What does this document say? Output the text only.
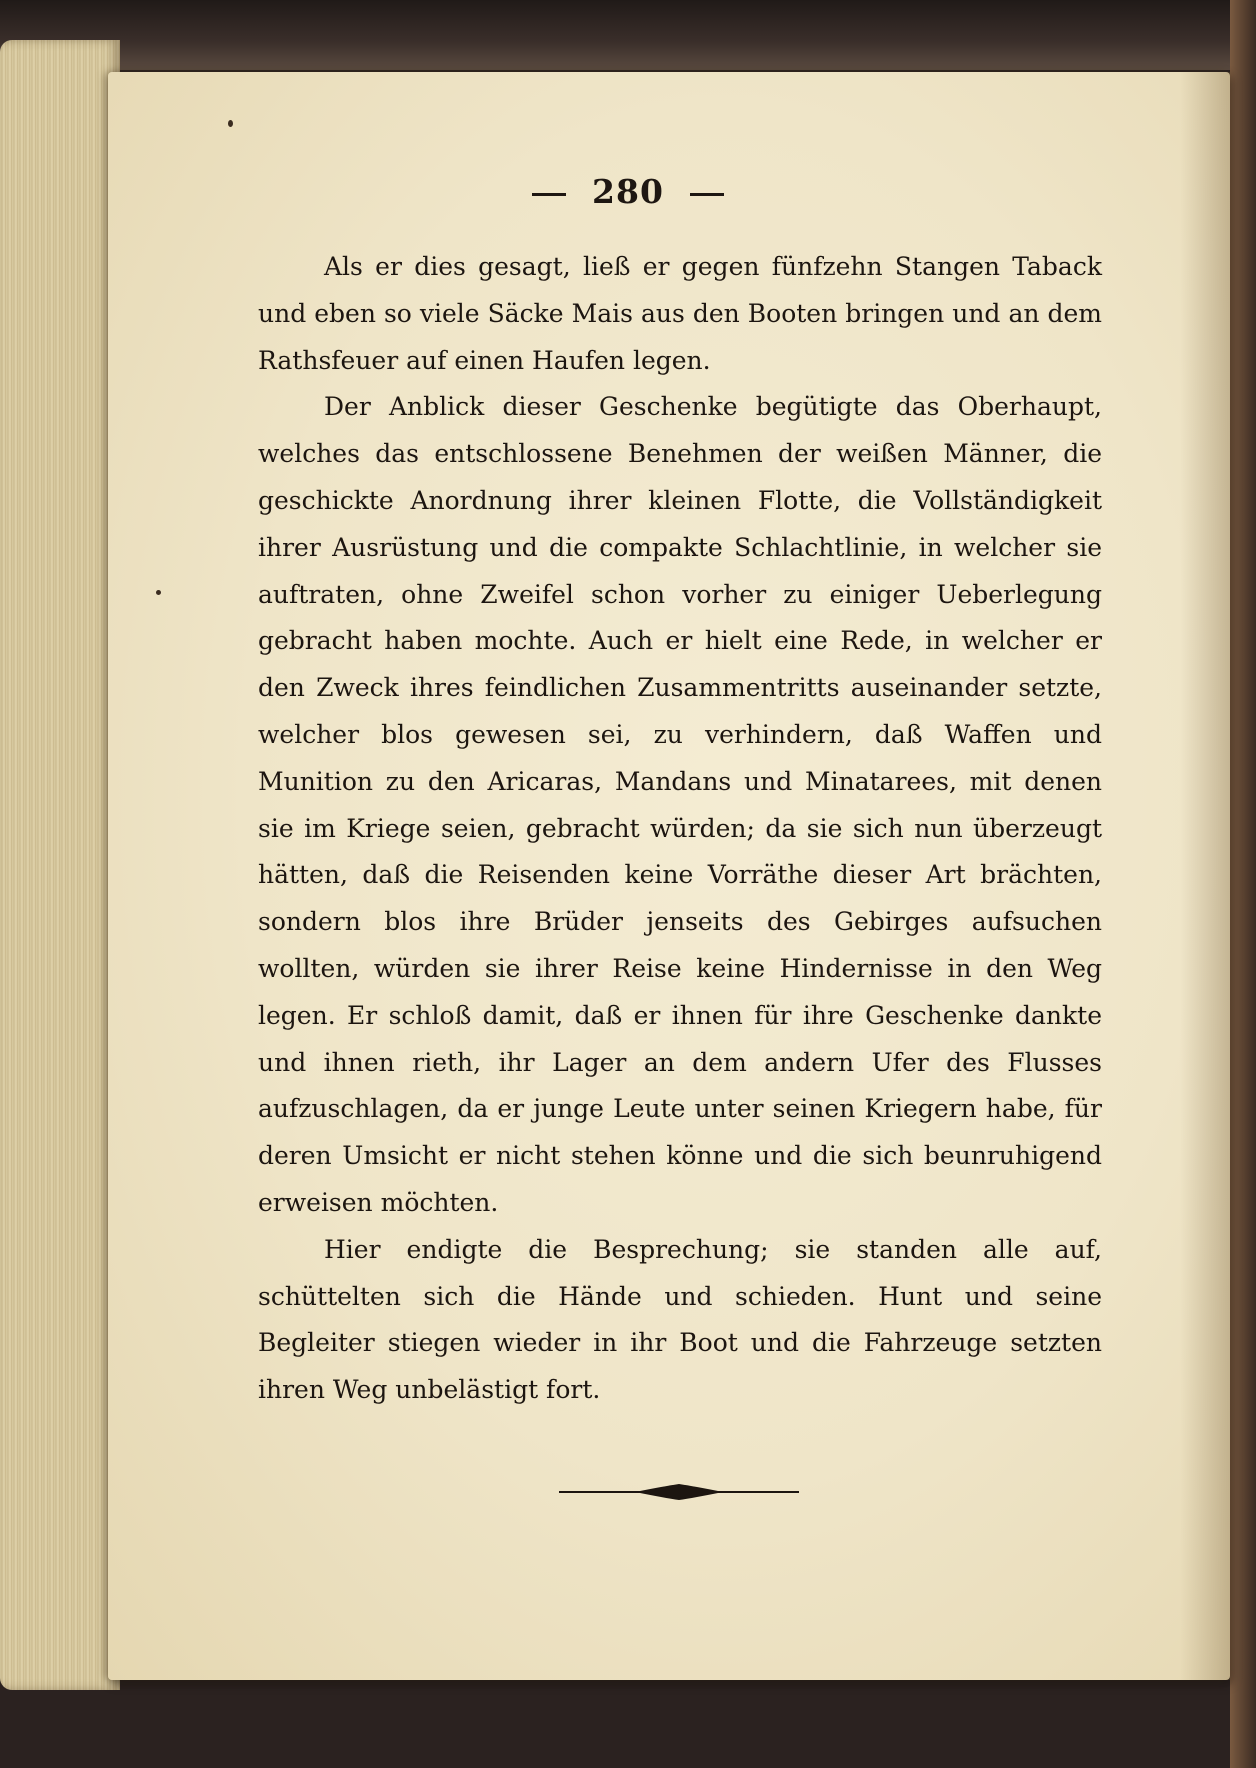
280

Als er dies gesagt, ließ er gegen fünfzehn Stangen Taback und eben so viele Säcke Mais aus den Booten bringen und an dem Rathsfeuer auf einen Haufen legen.

Der Anblick dieser Geschenke begütigte das Oberhaupt, welches das entschlossene Benehmen der weißen Männer, die geschickte Anordnung ihrer kleinen Flotte, die Vollständigkeit ihrer Ausrüstung und die compakte Schlachtlinie, in welcher sie auftraten, ohne Zweifel schon vorher zu einiger Ueberlegung gebracht haben mochte. Auch er hielt eine Rede, in welcher er den Zweck ihres feindlichen Zusammentritts auseinander setzte, welcher blos gewesen sei, zu verhindern, daß Waffen und Munition zu den Aricaras, Mandans und Minatarees, mit denen sie im Kriege seien, gebracht würden; da sie sich nun überzeugt hätten, daß die Reisenden keine Vorräthe dieser Art brächten, sondern blos ihre Brüder jenseits des Gebirges aufsuchen wollten, würden sie ihrer Reise keine Hindernisse in den Weg legen. Er schloß damit, daß er ihnen für ihre Geschenke dankte und ihnen rieth, ihr Lager an dem andern Ufer des Flusses aufzuschlagen, da er junge Leute unter seinen Kriegern habe, für deren Umsicht er nicht stehen könne und die sich beunruhigend erweisen möchten.

Hier endigte die Besprechung; sie standen alle auf, schüttelten sich die Hände und schieden. Hunt und seine Begleiter stiegen wieder in ihr Boot und die Fahrzeuge setzten ihren Weg unbelästigt fort.
